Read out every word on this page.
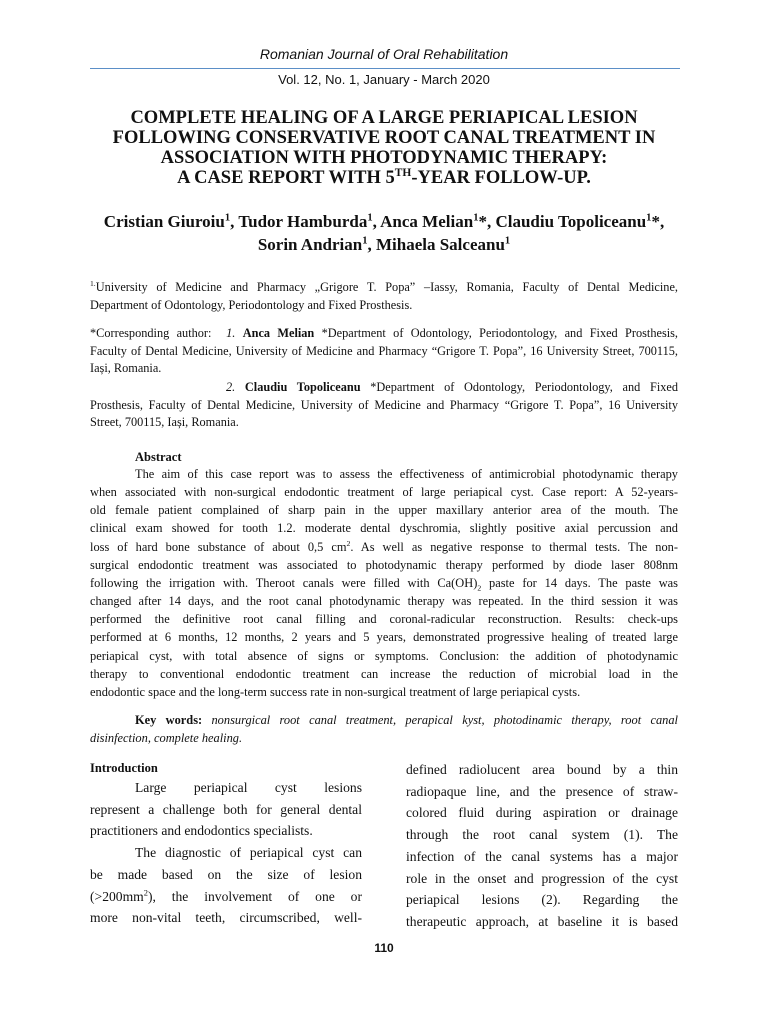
Romanian Journal of Oral Rehabilitation
Vol. 12, No. 1, January - March 2020
COMPLETE HEALING OF A LARGE PERIAPICAL LESION
FOLLOWING CONSERVATIVE ROOT CANAL TREATMENT IN
ASSOCIATION WITH PHOTODYNAMIC THERAPY:
A CASE REPORT WITH 5TH-YEAR FOLLOW-UP.
Cristian Giuroiu$^1$, Tudor Hamburda$^1$, Anca Melian$^1$*, Claudiu Topoliceanu$^1$*,
Sorin Andrian$^1$, Mihaela Salceanu$^1$
$^{1.}$University of Medicine and Pharmacy „Grigore T. Popa” –Iassy, Romania, Faculty of Dental Medicine,
Department of Odontology, Periodontology and Fixed Prosthesis.
*Corresponding author: 1. Anca Melian *Department of Odontology, Periodontology, and Fixed Prosthesis,
Faculty of Dental Medicine, University of Medicine and Pharmacy “Grigore T. Popa”, 16 University Street, 700115,
Iași, Romania.
2. Claudiu Topoliceanu *Department of Odontology, Periodontology, and Fixed
Prosthesis, Faculty of Dental Medicine, University of Medicine and Pharmacy “Grigore T. Popa”, 16 University
Street, 700115, Iași, Romania.
Abstract
The aim of this case report was to assess the effectiveness of antimicrobial photodynamic therapy
when associated with non-surgical endodontic treatment of large periapical cyst. Case report: A 52-years-
old female patient complained of sharp pain in the upper maxillary anterior area of the mouth. The
clinical exam showed for tooth 1.2. moderate dental dyschromia, slightly positive axial percussion and
loss of hard bone substance of about 0,5 $cm^2$. As well as negative response to thermal tests. The non-
surgical endodontic treatment was associated to photodynamic therapy performed by diode laser 808nm
following the irrigation with. Theroot canals were filled with $Ca(OH)_2$ paste for 14 days. The paste was
changed after 14 days, and the root canal photodynamic therapy was repeated. In the third session it was
performed the definitive root canal filling and coronal-radicular reconstruction. Results: check-ups
performed at 6 months, 12 months, 2 years and 5 years, demonstrated progressive healing of treated large
periapical cyst, with total absence of signs or symptoms. Conclusion: the addition of photodynamic
therapy to conventional endodontic treatment can increase the reduction of microbial load in the
endodontic space and the long-term success rate in non-surgical treatment of large periapical cysts.
Key words: nonsurgical root canal treatment, perapical kyst, photodinamic therapy, root canal
disinfection, complete healing.
Introduction
Large periapical cyst lesions
represent a challenge both for general dental
practitioners and endodontics specialists.
The diagnostic of periapical cyst can
be made based on the size of lesion
$(>200mm^2)$, the involvement of one or
more non-vital teeth, circumscribed, well-
defined radiolucent area bound by a thin
radiopaque line, and the presence of straw-
colored fluid during aspiration or drainage
through the root canal system (1). The
infection of the canal systems has a major
role in the onset and progression of the cyst
periapical lesions (2). Regarding the
therapeutic approach, at baseline it is based
110
